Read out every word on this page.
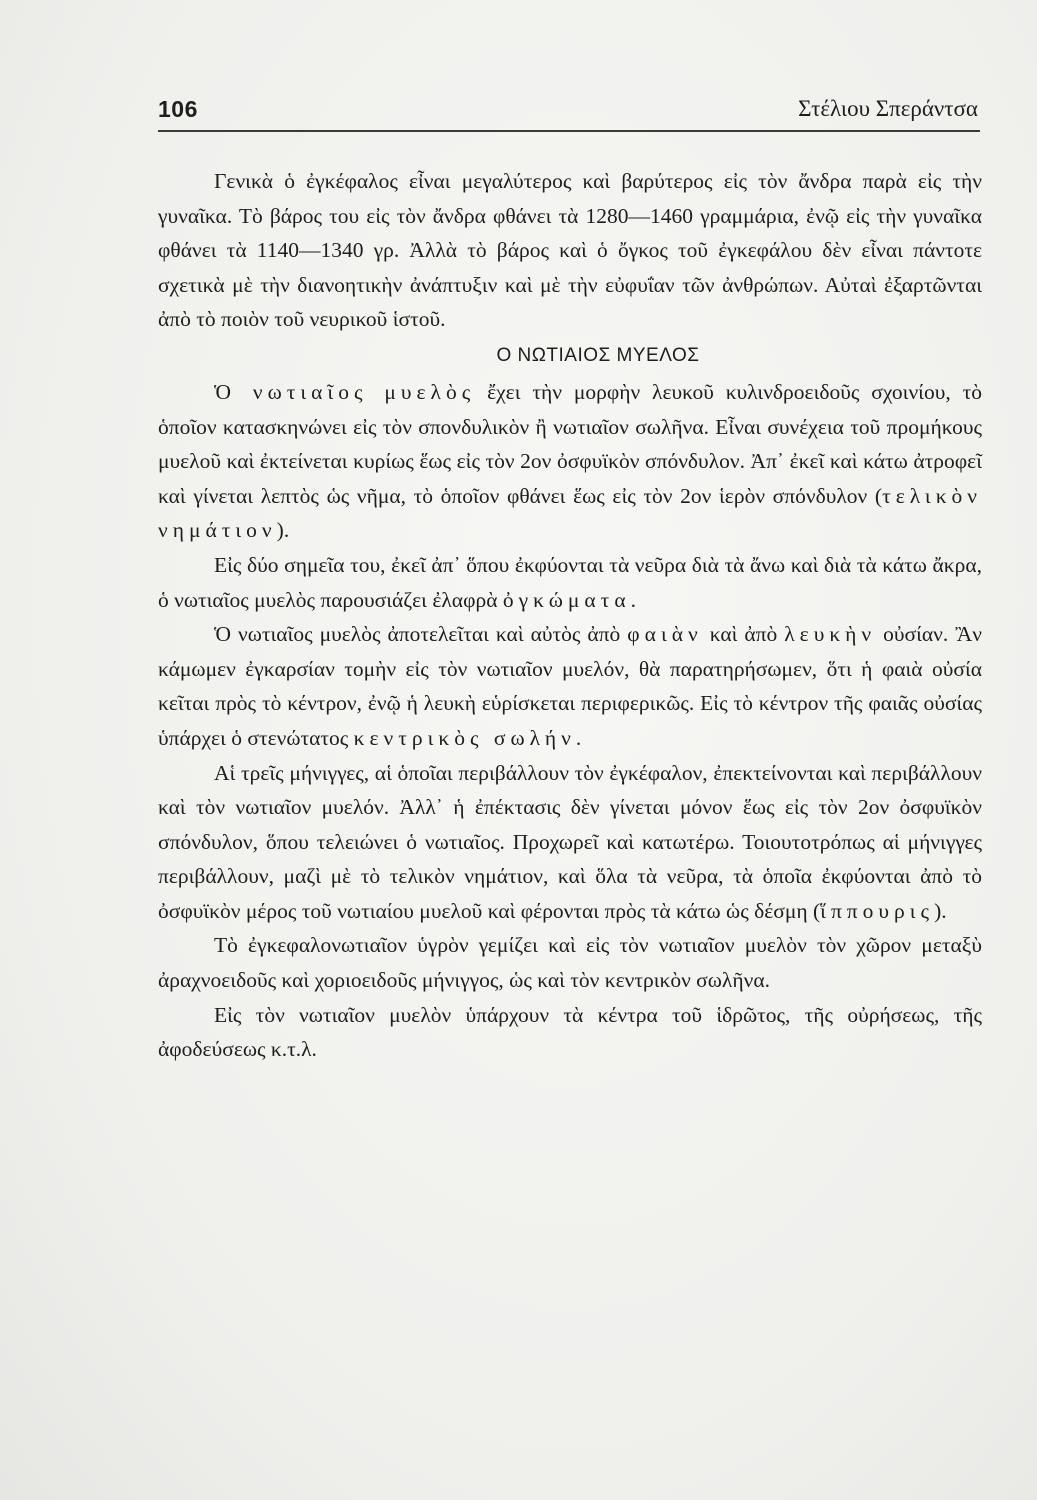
106	Στέλιου Σπεράντσα

Γενικὰ ὁ ἐγκέφαλος εἶναι μεγαλύτερος καὶ βαρύτερος εἰς τὸν ἄνδρα παρὰ εἰς τὴν γυναῖκα. Τὸ βάρος του εἰς τὸν ἄνδρα φθάνει τὰ 1280—1460 γραμμάρια, ἐνῷ εἰς τὴν γυναῖκα φθάνει τὰ 1140—1340 γρ. Ἀλλὰ τὸ βάρος καὶ ὁ ὄγκος τοῦ ἐγκεφάλου δὲν εἶναι πάντοτε σχετικὰ μὲ τὴν διανοητικὴν ἀνάπτυξιν καὶ μὲ τὴν εὐφυΐαν τῶν ἀνθρώπων. Αὐταὶ ἐξαρτῶνται ἀπὸ τὸ ποιὸν τοῦ νευρικοῦ ἱστοῦ.

Ο ΝΩΤΙΑΙΟΣ ΜΥΕΛΟΣ

Ὁ νωτιαῖος μυελὸς ἔχει τὴν μορφὴν λευκοῦ κυλινδροειδοῦς σχοινίου, τὸ ὁποῖον κατασκηνώνει εἰς τὸν σπονδυλικὸν ἢ νωτιαῖον σωλῆνα. Εἶναι συνέχεια τοῦ προμήκους μυελοῦ καὶ ἐκτείνεται κυρίως ἕως εἰς τὸν 2ον ὀσφυϊκὸν σπόνδυλον. Ἀπ᾽ ἐκεῖ καὶ κάτω ἀτροφεῖ καὶ γίνεται λεπτὸς ὡς νῆμα, τὸ ὁποῖον φθάνει ἕως εἰς τὸν 2ον ἱερὸν σπόνδυλον (τελικὸν νημάτιον).

Εἰς δύο σημεῖα του, ἐκεῖ ἀπ᾽ ὅπου ἐκφύονται τὰ νεῦρα διὰ τὰ ἄνω καὶ διὰ τὰ κάτω ἄκρα, ὁ νωτιαῖος μυελὸς παρουσιάζει ἐλαφρὰ ὀγκώματα.

Ὁ νωτιαῖος μυελὸς ἀποτελεῖται καὶ αὐτὸς ἀπὸ φαιὰν καὶ ἀπὸ λευκὴν οὐσίαν. Ἂν κάμωμεν ἐγκαρσίαν τομὴν εἰς τὸν νωτιαῖον μυελόν, θὰ παρατηρήσωμεν, ὅτι ἡ φαιὰ οὐσία κεῖται πρὸς τὸ κέντρον, ἐνῷ ἡ λευκὴ εὑρίσκεται περιφερικῶς. Εἰς τὸ κέντρον τῆς φαιᾶς οὐσίας ὑπάρχει ὁ στενώτατος κεντρικὸς σωλήν.

Αἱ τρεῖς μήνιγγες, αἱ ὁποῖαι περιβάλλουν τὸν ἐγκέφαλον, ἐπεκτείνονται καὶ περιβάλλουν καὶ τὸν νωτιαῖον μυελόν. Ἀλλ᾽ ἡ ἐπέκτασις δὲν γίνεται μόνον ἕως εἰς τὸν 2ον ὀσφυϊκὸν σπόνδυλον, ὅπου τελειώνει ὁ νωτιαῖος. Προχωρεῖ καὶ κατωτέρω. Τοιουτοτρόπως αἱ μήνιγγες περιβάλλουν, μαζὶ μὲ τὸ τελικὸν νημάτιον, καὶ ὅλα τὰ νεῦρα, τὰ ὁποῖα ἐκφύονται ἀπὸ τὸ ὀσφυϊκὸν μέρος τοῦ νωτιαίου μυελοῦ καὶ φέρονται πρὸς τὰ κάτω ὡς δέσμη (ἵππουρις).

Τὸ ἐγκεφαλονωτιαῖον ὑγρὸν γεμίζει καὶ εἰς τὸν νωτιαῖον μυελὸν τὸν χῶρον μεταξὺ ἀραχνοειδοῦς καὶ χοριοειδοῦς μήνιγγος, ὡς καὶ τὸν κεντρικὸν σωλῆνα.

Εἰς τὸν νωτιαῖον μυελὸν ὑπάρχουν τὰ κέντρα τοῦ ἱδρῶτος, τῆς οὐρήσεως, τῆς ἀφοδεύσεως κ.τ.λ.
